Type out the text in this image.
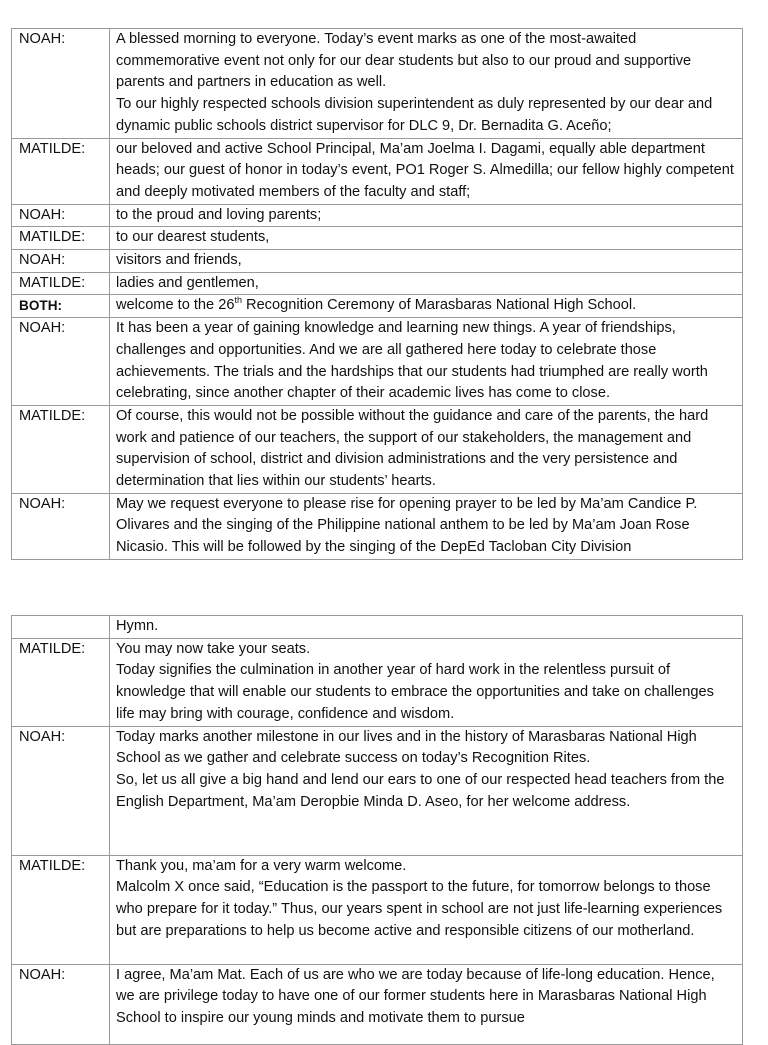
NOAH:	A blessed morning to everyone. Today’s event marks as one of the most-awaited commemorative event not only for our dear students but also to our proud and supportive parents and partners in education as well.
To our highly respected schools division superintendent as duly represented by our dear and dynamic public schools district supervisor for DLC 9, Dr. Bernadita G. Aceño;

MATILDE:	our beloved and active School Principal, Ma’am Joelma I. Dagami, equally able department heads; our guest of honor in today’s event, PO1 Roger S. Almedilla; our fellow highly competent and deeply motivated members of the faculty and staff;

NOAH:	to the proud and loving parents;

MATILDE:	to our dearest students,

NOAH:	visitors and friends,

MATILDE:	ladies and gentlemen,

BOTH:	welcome to the 26th Recognition Ceremony of Marasbaras National High School.

NOAH:	It has been a year of gaining knowledge and learning new things. A year of friendships, challenges and opportunities. And we are all gathered here today to celebrate those achievements. The trials and the hardships that our students had triumphed are really worth celebrating, since another chapter of their academic lives has come to close.

MATILDE:	Of course, this would not be possible without the guidance and care of the parents, the hard work and patience of our teachers, the support of our stakeholders, the management and supervision of school, district and division administrations and the very persistence and determination that lies within our students’ hearts.

NOAH:	May we request everyone to please rise for opening prayer to be led by Ma’am Candice P. Olivares and the singing of the Philippine national anthem to be led by Ma’am Joan Rose Nicasio. This will be followed by the singing of the DepEd Tacloban City Division

	Hymn.

MATILDE:	You may now take your seats.
Today signifies the culmination in another year of hard work in the relentless pursuit of knowledge that will enable our students to embrace the opportunities and take on challenges life may bring with courage, confidence and wisdom.

NOAH:	Today marks another milestone in our lives and in the history of Marasbaras National High School as we gather and celebrate success on today’s Recognition Rites.
So, let us all give a big hand and lend our ears to one of our respected head teachers from the English Department, Ma’am Deropbie Minda D. Aseo, for her welcome address.

MATILDE:	Thank you, ma’am for a very warm welcome.
Malcolm X once said, “Education is the passport to the future, for tomorrow belongs to those who prepare for it today.” Thus, our years spent in school are not just life-learning experiences but are preparations to help us become active and responsible citizens of our motherland.

NOAH:	I agree, Ma’am Mat. Each of us are who we are today because of life-long education. Hence, we are privilege today to have one of our former students here in Marasbaras National High School to inspire our young minds and motivate them to pursue
